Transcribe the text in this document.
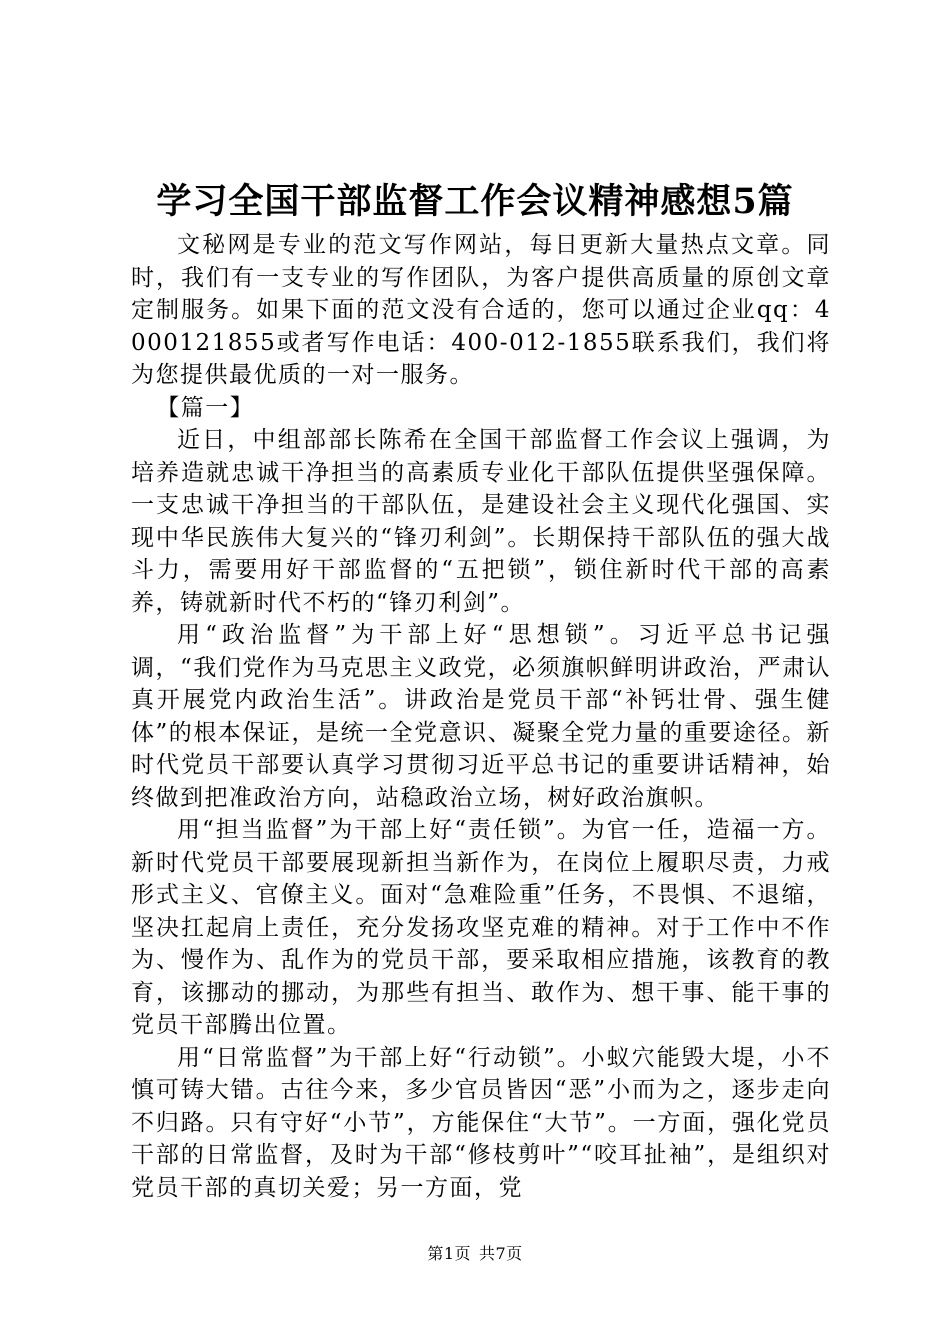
学习全国干部监督工作会议精神感想5篇

文秘网是专业的范文写作网站，每日更新大量热点文章。同时，我们有一支专业的写作团队，为客户提供高质量的原创文章定制服务。如果下面的范文没有合适的，您可以通过企业qq：4000121855或者写作电话：400-012-1855联系我们，我们将为您提供最优质的一对一服务。

【篇一】

近日，中组部部长陈希在全国干部监督工作会议上强调，为培养造就忠诚干净担当的高素质专业化干部队伍提供坚强保障。一支忠诚干净担当的干部队伍，是建设社会主义现代化强国、实现中华民族伟大复兴的“锋刃利剑”。长期保持干部队伍的强大战斗力，需要用好干部监督的“五把锁”，锁住新时代干部的高素养，铸就新时代不朽的“锋刃利剑”。

用“政治监督”为干部上好“思想锁”。习近平总书记强调，“我们党作为马克思主义政党，必须旗帜鲜明讲政治，严肃认真开展党内政治生活”。讲政治是党员干部“补钙壮骨、强生健体”的根本保证，是统一全党意识、凝聚全党力量的重要途径。新时代党员干部要认真学习贯彻习近平总书记的重要讲话精神，始终做到把准政治方向，站稳政治立场，树好政治旗帜。

用“担当监督”为干部上好“责任锁”。为官一任，造福一方。新时代党员干部要展现新担当新作为，在岗位上履职尽责，力戒形式主义、官僚主义。面对“急难险重”任务，不畏惧、不退缩，坚决扛起肩上责任，充分发扬攻坚克难的精神。对于工作中不作为、慢作为、乱作为的党员干部，要采取相应措施，该教育的教育，该挪动的挪动，为那些有担当、敢作为、想干事、能干事的党员干部腾出位置。

用“日常监督”为干部上好“行动锁”。小蚁穴能毁大堤，小不慎可铸大错。古往今来，多少官员皆因“恶”小而为之，逐步走向不归路。只有守好“小节”，方能保住“大节”。一方面，强化党员干部的日常监督，及时为干部“修枝剪叶”“咬耳扯袖”，是组织对党员干部的真切关爱；另一方面，党

第1页 共7页
